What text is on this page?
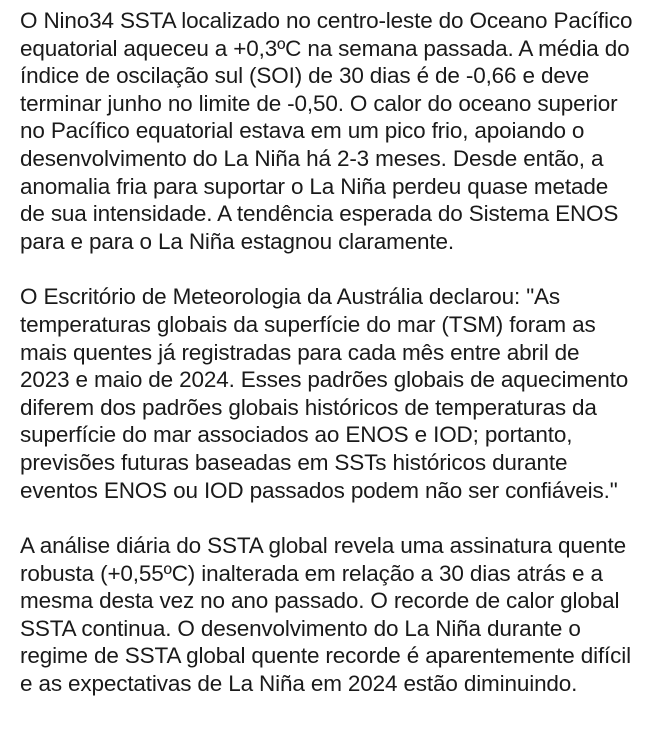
O Nino34 SSTA localizado no centro-leste do Oceano Pacífico
equatorial aqueceu a +0,3ºC na semana passada. A média do
índice de oscilação sul (SOI) de 30 dias é de -0,66 e deve
terminar junho no limite de -0,50. O calor do oceano superior
no Pacífico equatorial estava em um pico frio, apoiando o
desenvolvimento do La Niña há 2-3 meses. Desde então, a
anomalia fria para suportar o La Niña perdeu quase metade
de sua intensidade. A tendência esperada do Sistema ENOS
para e para o La Niña estagnou claramente.

O Escritório de Meteorologia da Austrália declarou: "As
temperaturas globais da superfície do mar (TSM) foram as
mais quentes já registradas para cada mês entre abril de
2023 e maio de 2024. Esses padrões globais de aquecimento
diferem dos padrões globais históricos de temperaturas da
superfície do mar associados ao ENOS e IOD; portanto,
previsões futuras baseadas em SSTs históricos durante
eventos ENOS ou IOD passados podem não ser confiáveis."

A análise diária do SSTA global revela uma assinatura quente
robusta (+0,55ºC) inalterada em relação a 30 dias atrás e a
mesma desta vez no ano passado. O recorde de calor global
SSTA continua. O desenvolvimento do La Niña durante o
regime de SSTA global quente recorde é aparentemente difícil
e as expectativas de La Niña em 2024 estão diminuindo.
